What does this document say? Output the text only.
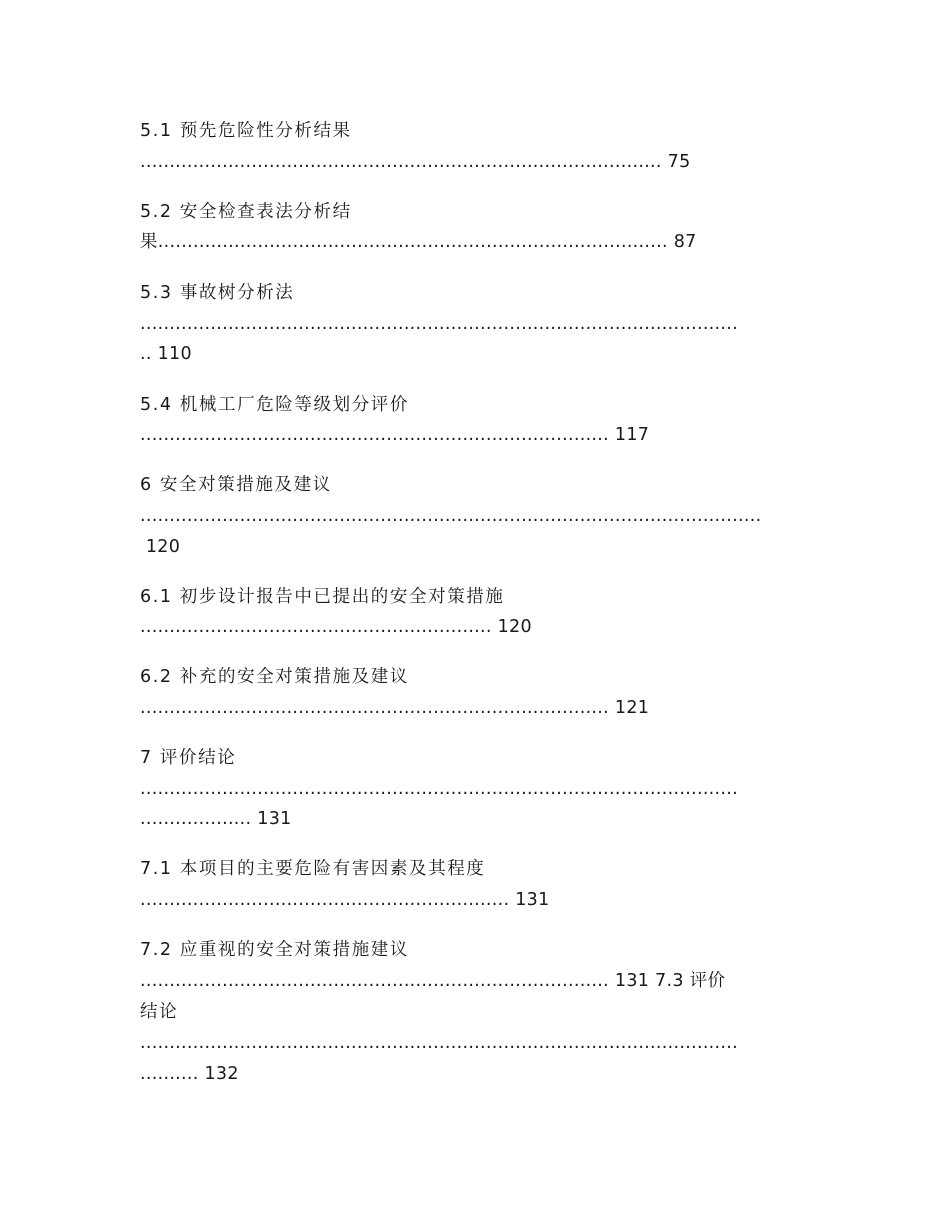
5.1 预先危险性分析结果
......................................................................................... 75
5.2 安全检查表法分析结
果....................................................................................... 87
5.3 事故树分析法
......................................................................................................
.. 110
5.4 机械工厂危险等级划分评价
................................................................................ 117
6 安全对策措施及建议
..........................................................................................................
120
6.1 初步设计报告中已提出的安全对策措施
............................................................ 120
6.2 补充的安全对策措施及建议
................................................................................ 121
7 评价结论
......................................................................................................
................... 131
7.1 本项目的主要危险有害因素及其程度
............................................................... 131
7.2 应重视的安全对策措施建议
................................................................................ 131 7.3 评价
结论
......................................................................................................
.......... 132
